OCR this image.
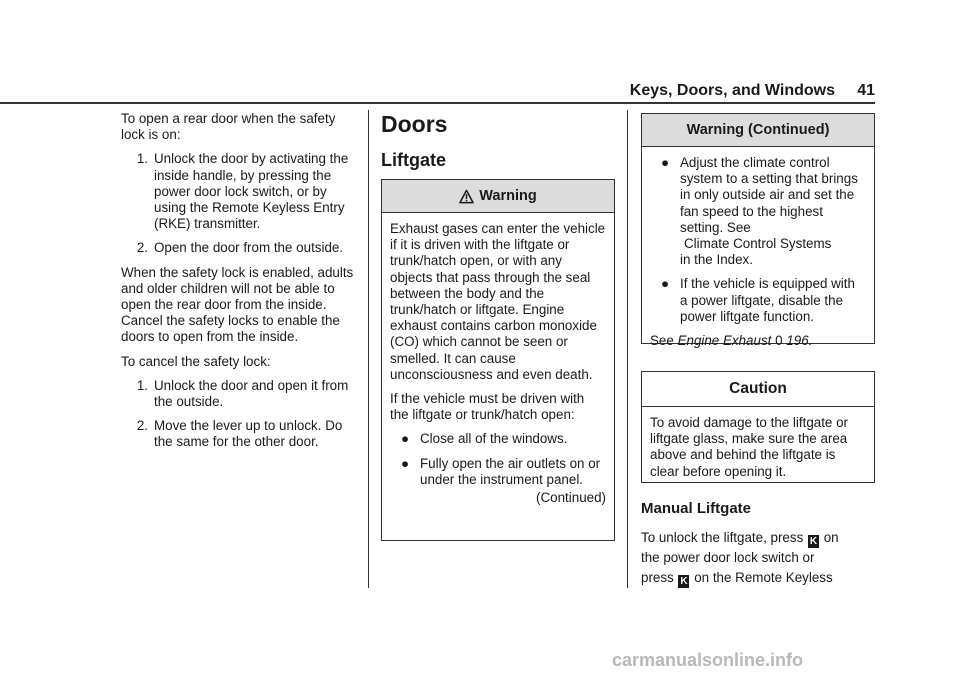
Keys, Doors, and Windows 41

To open a rear door when the safety lock is on:

1. Unlock the door by activating the inside handle, by pressing the power door lock switch, or by using the Remote Keyless Entry (RKE) transmitter.
2. Open the door from the outside.

When the safety lock is enabled, adults and older children will not be able to open the rear door from the inside. Cancel the safety locks to enable the doors to open from the inside.

To cancel the safety lock:

1. Unlock the door and open it from the outside.
2. Move the lever up to unlock. Do the same for the other door.
Doors
Liftgate
Warning

Exhaust gases can enter the vehicle if it is driven with the liftgate or trunk/hatch open, or with any objects that pass through the seal between the body and the trunk/hatch or liftgate. Engine exhaust contains carbon monoxide (CO) which cannot be seen or smelled. It can cause unconsciousness and even death.

If the vehicle must be driven with the liftgate or trunk/hatch open:

● Close all of the windows.
● Fully open the air outlets on or under the instrument panel.
(Continued)
Warning (Continued)
● Adjust the climate control system to a setting that brings in only outside air and set the fan speed to the highest setting. See
Climate Control Systems
in the Index.
● If the vehicle is equipped with a power liftgate, disable the power liftgate function.

See Engine Exhaust 0 196.

Caution

To avoid damage to the liftgate or liftgate glass, make sure the area above and behind the liftgate is clear before opening it.

Manual Liftgate
To unlock the liftgate, press K on
the power door lock switch or
press K on the Remote Keyless
carmanualsonline.info
